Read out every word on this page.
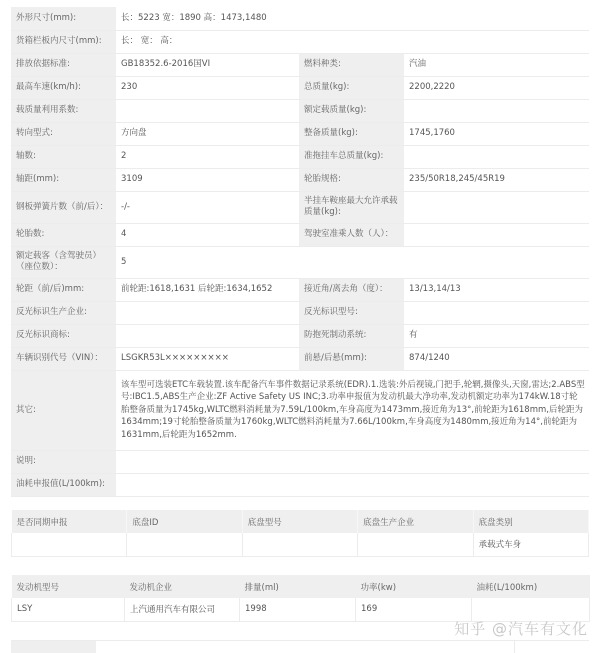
外形尺寸(mm):	长：5223 宽：1890 高：1473,1480		
货箱栏板内尺寸(mm):	长： 宽： 高：		
排放依据标准:	GB18352.6-2016国VI	燃料种类:	汽油
最高车速(km/h):	230	总质量(kg):	2200,2220
载质量利用系数:		额定载质量(kg):	
转向型式:	方向盘	整备质量(kg):	1745,1760
轴数:	2	准拖挂车总质量(kg):	
轴距(mm):	3109	轮胎规格:	235/50R18,245/45R19
钢板弹簧片数（前/后）：	-/-	半挂车鞍座最大允许承载质量(kg):	
轮胎数:	4	驾驶室准乘人数（人）：	
额定载客（含驾驶员）（座位数）：	5		
轮距（前/后)mm:	前轮距:1618,1631 后轮距:1634,1652	接近角/离去角（度）：	13/13,14/13
反光标识生产企业:		反光标识型号:	
反光标识商标:		防抱死制动系统:	有
车辆识别代号（VIN）：	LSGKR53L×××××××××	前悬/后悬(mm):	874/1240
其它:	该车型可选装ETC车载装置.该车配备汽车事件数据记录系统(EDR).1.选装:外后视镜,门把手,轮辋,摄像头,天窗,雷达;2.ABS型号:IBC1.5,ABS生产企业:ZF Active Safety US INC;3.功率申报值为发动机最大净功率,发动机额定功率为174kW.18寸轮胎整备质量为1745kg,WLTC燃料消耗量为7.59L/100km,车身高度为1473mm,接近角为13°,前轮距为1618mm,后轮距为1634mm;19寸轮胎整备质量为1760kg,WLTC燃料消耗量为7.66L/100km,车身高度为1480mm,接近角为14°,前轮距为1631mm,后轮距为1652mm.		
说明:			
油耗申报值(L/100km):			
是否同期申报	底盘ID	底盘型号	底盘生产企业	底盘类别
				承载式车身
发动机型号	发动机企业	排量(ml)	功率(kw)	油耗(L/100km)
LSY	上汽通用汽车有限公司	1998	169	
知乎 @汽车有文化
